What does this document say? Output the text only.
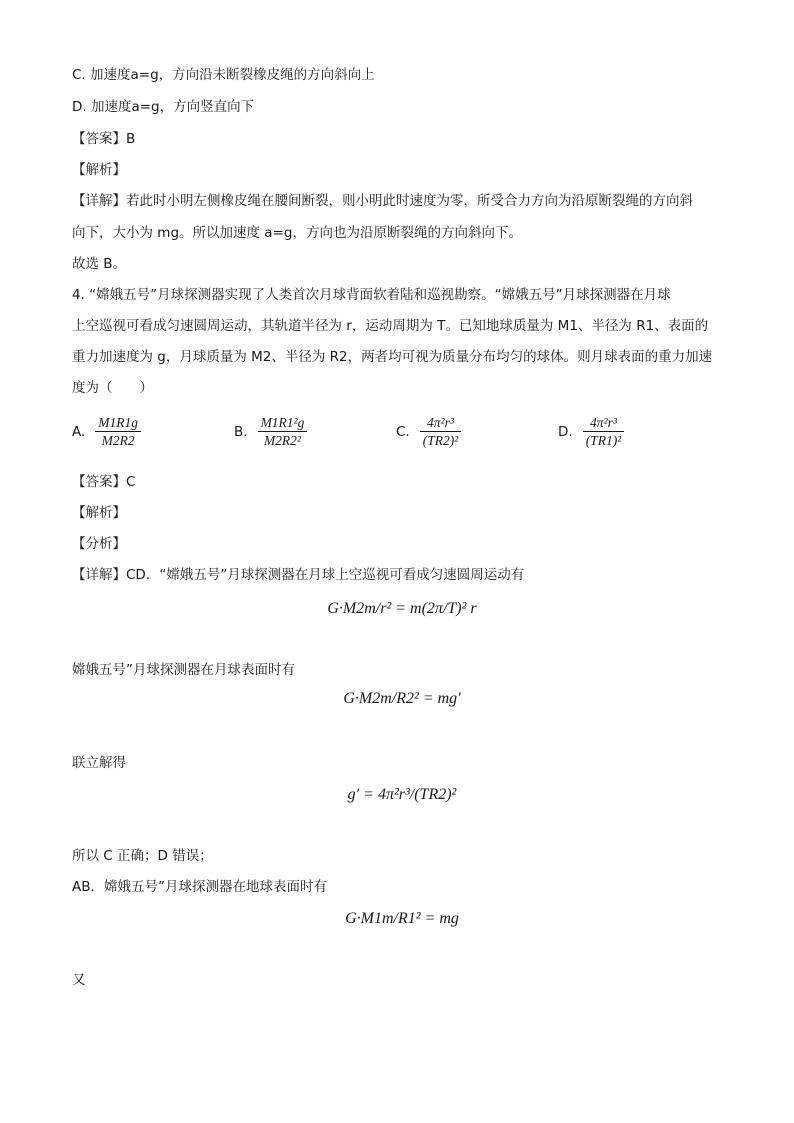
C. 加速度a=g，方向沿未断裂橡皮绳的方向斜向上
D. 加速度a=g，方向竖直向下
【答案】B
【解析】
【详解】若此时小明左侧橡皮绳在腰间断裂，则小明此时速度为零，所受合力方向为沿原断裂绳的方向斜
向下，大小为 mg。所以加速度 a=g，方向也为沿原断裂绳的方向斜向下。
故选 B。
4. “嫦娥五号”月球探测器实现了人类首次月球背面软着陆和巡视勘察。“嫦娥五号”月球探测器在月球
上空巡视可看成匀速圆周运动，其轨道半径为 r，运动周期为 T。已知地球质量为 M1、半径为 R1、表面的
重力加速度为 g，月球质量为 M2、半径为 R2，两者均可视为质量分布均匀的球体。则月球表面的重力加速
度为（　　）
A. $\frac{M1R1g}{M2R2}$	B. $\frac{\text{M1R1²g}}{\text{M2R2²}}$	C. $\frac{\text{4π²r³}}{\text{(TR2)²}}$	D. $\frac{\text{4π²r³}}{\text{(TR1)²}}$
【答案】C
【解析】
【分析】
【详解】CD．“嫦娥五号”月球探测器在月球上空巡视可看成匀速圆周运动有
G·M2m/r² = m(2π/T)² r
嫦娥五号”月球探测器在月球表面时有
G·M2m/R2² = mg′
联立解得
g′ = 4π²r³/(TR2)²
所以 C 正确；D 错误；
AB．嫦娥五号”月球探测器在地球表面时有
G·M1m/R1² = mg
又
